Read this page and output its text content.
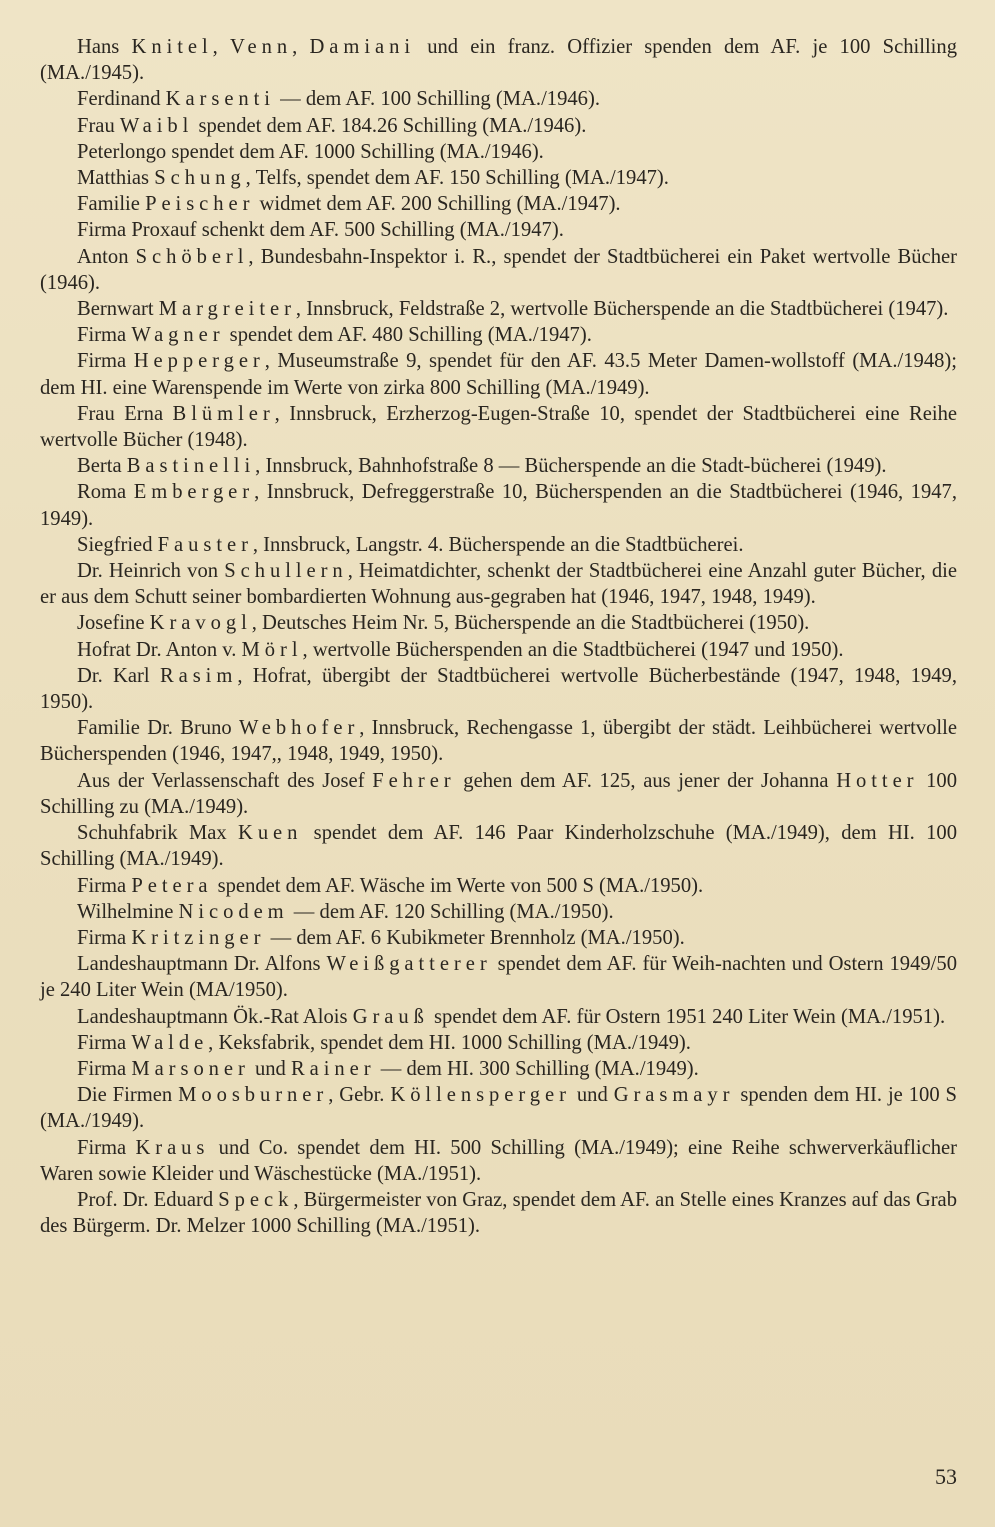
Hans Knitel, Venn, Damiani und ein franz. Offizier spenden dem AF. je 100 Schilling (MA./1945).

Ferdinand Karsenti — dem AF. 100 Schilling (MA./1946).

Frau Waibl spendet dem AF. 184.26 Schilling (MA./1946).

Peterlongo spendet dem AF. 1000 Schilling (MA./1946).

Matthias Schung, Telfs, spendet dem AF. 150 Schilling (MA./1947).

Familie Peischer widmet dem AF. 200 Schilling (MA./1947).

Firma Proxauf schenkt dem AF. 500 Schilling (MA./1947).

Anton Schöberl, Bundesbahn-Inspektor i. R., spendet der Stadtbücherei ein Paket wertvolle Bücher (1946).

Bernwart Margreiter, Innsbruck, Feldstraße 2, wertvolle Bücherspende an die Stadtbücherei (1947).

Firma Wagner spendet dem AF. 480 Schilling (MA./1947).

Firma Hepperger, Museumstraße 9, spendet für den AF. 43.5 Meter Damen-wollstoff (MA./1948); dem HI. eine Warenspende im Werte von zirka 800 Schilling (MA./1949).

Frau Erna Blümler, Innsbruck, Erzherzog-Eugen-Straße 10, spendet der Stadtbücherei eine Reihe wertvolle Bücher (1948).

Berta Bastinelli, Innsbruck, Bahnhofstraße 8 — Bücherspende an die Stadt-bücherei (1949).

Roma Emberger, Innsbruck, Defreggerstraße 10, Bücherspenden an die Stadtbücherei (1946, 1947, 1949).

Siegfried Fauster, Innsbruck, Langstr. 4. Bücherspende an die Stadtbücherei.

Dr. Heinrich von Schullern, Heimatdichter, schenkt der Stadtbücherei eine Anzahl guter Bücher, die er aus dem Schutt seiner bombardierten Wohnung aus-gegraben hat (1946, 1947, 1948, 1949).

Josefine Kravogl, Deutsches Heim Nr. 5, Bücherspende an die Stadtbücherei (1950).

Hofrat Dr. Anton v. Mörl, wertvolle Bücherspenden an die Stadtbücherei (1947 und 1950).

Dr. Karl Rasim, Hofrat, übergibt der Stadtbücherei wertvolle Bücherbestände (1947, 1948, 1949, 1950).

Familie Dr. Bruno Webhofer, Innsbruck, Rechengasse 1, übergibt der städt. Leihbücherei wertvolle Bücherspenden (1946, 1947,, 1948, 1949, 1950).

Aus der Verlassenschaft des Josef Fehrer gehen dem AF. 125, aus jener der Johanna Hotter 100 Schilling zu (MA./1949).

Schuhfabrik Max Kuen spendet dem AF. 146 Paar Kinderholzschuhe (MA./1949), dem HI. 100 Schilling (MA./1949).

Firma Petera spendet dem AF. Wäsche im Werte von 500 S (MA./1950).

Wilhelmine Nicodem — dem AF. 120 Schilling (MA./1950).

Firma Kritzinger — dem AF. 6 Kubikmeter Brennholz (MA./1950).

Landeshauptmann Dr. Alfons Weißgatterer spendet dem AF. für Weih-nachten und Ostern 1949/50 je 240 Liter Wein (MA/1950).

Landeshauptmann Ök.-Rat Alois Grauß spendet dem AF. für Ostern 1951 240 Liter Wein (MA./1951).

Firma Walde, Keksfabrik, spendet dem HI. 1000 Schilling (MA./1949).

Firma Marsoner und Rainer — dem HI. 300 Schilling (MA./1949).

Die Firmen Moosburner, Gebr. Köllensperger und Grasmayr spenden dem HI. je 100 S (MA./1949).

Firma Kraus und Co. spendet dem HI. 500 Schilling (MA./1949); eine Reihe schwerverkäuflicher Waren sowie Kleider und Wäschestücke (MA./1951).

Prof. Dr. Eduard Speck, Bürgermeister von Graz, spendet dem AF. an Stelle eines Kranzes auf das Grab des Bürgerm. Dr. Melzer 1000 Schilling (MA./1951).

53
